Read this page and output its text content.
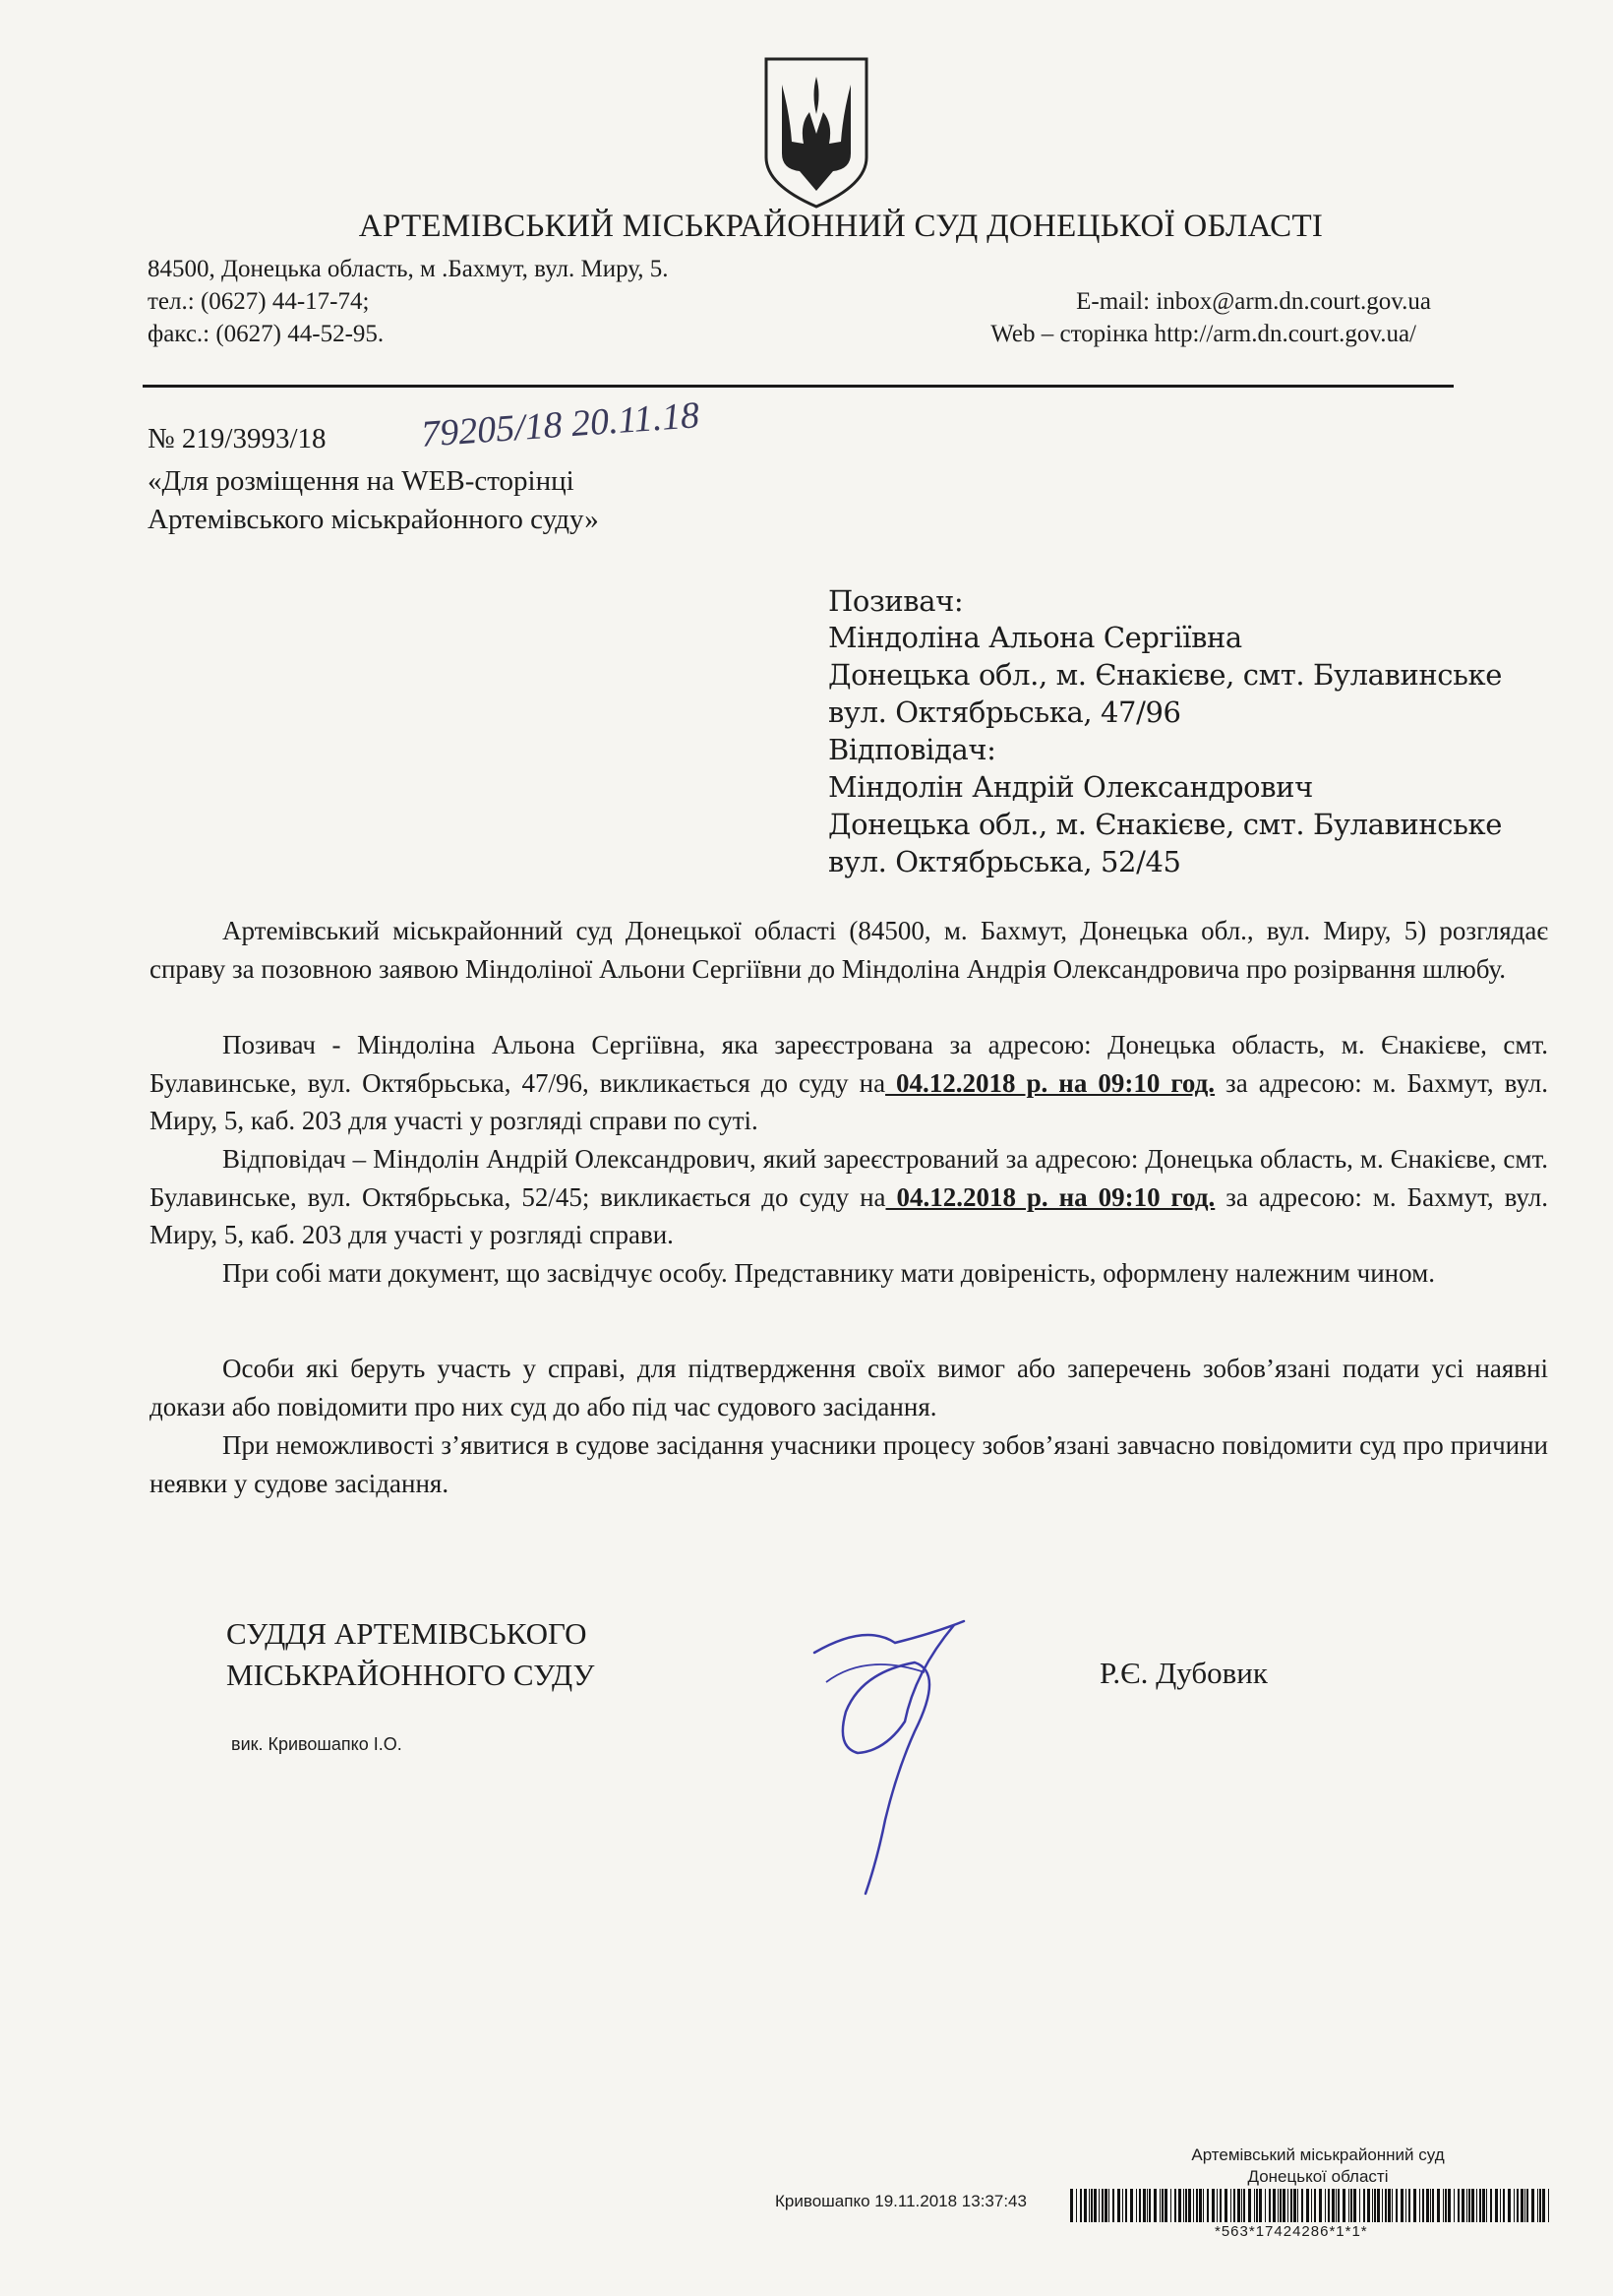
АРТЕМІВСЬКИЙ МІСЬКРАЙОННИЙ СУД ДОНЕЦЬКОЇ ОБЛАСТІ
84500, Донецька область, м .Бахмут, вул. Миру, 5.
тел.: (0627) 44-17-74;
факс.: (0627) 44-52-95.
E-mail: inbox@arm.dn.court.gov.ua
Web – сторінка http://arm.dn.court.gov.ua/
№ 219/3993/18	79205/18 20.11.18
«Для розміщення на WEB-сторінці
Артемівського міськрайонного суду»
Позивач:
Міндоліна Альона Сергіївна
Донецька обл., м. Єнакієве, смт. Булавинське
вул. Октябрьська, 47/96
Відповідач:
Міндолін Андрій Олександрович
Донецька обл., м. Єнакієве, смт. Булавинське
вул. Октябрьська, 52/45
Артемівський міськрайонний суд Донецької області (84500, м. Бахмут, Донецька обл., вул. Миру, 5) розглядає справу за позовною заявою Міндоліної Альони Сергіївни до Міндоліна Андрія Олександровича про розірвання шлюбу.
Позивач - Міндоліна Альона Сергіївна, яка зареєстрована за адресою: Донецька область, м. Єнакієве, смт. Булавинське, вул. Октябрьська, 47/96, викликається до суду на 04.12.2018 р. на 09:10 год. за адресою: м. Бахмут, вул. Миру, 5, каб. 203 для участі у розгляді справи по суті.
Відповідач – Міндолін Андрій Олександрович, який зареєстрований за адресою: Донецька область, м. Єнакієве, смт. Булавинське, вул. Октябрьська, 52/45; викликається до суду на 04.12.2018 р. на 09:10 год. за адресою: м. Бахмут, вул. Миру, 5, каб. 203 для участі у розгляді справи.
При собі мати документ, що засвідчує особу. Представнику мати довіреність, оформлену належним чином.
Особи які беруть участь у справі, для підтвердження своїх вимог або заперечень зобов’язані подати усі наявні докази або повідомити про них суд до або під час судового засідання.
При неможливості з’явитися в судове засідання учасники процесу зобов’язані завчасно повідомити суд про причини неявки у судове засідання.
СУДДЯ АРТЕМІВСЬКОГО
МІСЬКРАЙОННОГО СУДУ	Р.Є. Дубовик
вик. Кривошапко І.О.
Артемівський міськрайонний суд
Донецької області
Кривошапко 19.11.2018 13:37:43
*563*17424286*1*1*
